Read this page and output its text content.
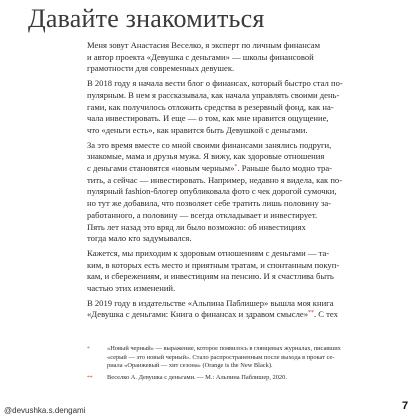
Давайте знакомиться

Меня зовут Анастасия Веселко, я эксперт по личным финансам
и автор проекта «Девушка с деньгами» — школы финансовой
грамотности для современных девушек.

В 2018 году я начала вести блог о финансах, который быстро стал по-
пулярным. В нем я рассказывала, как начала управлять своими день-
гами, как получилось отложить средства в резервный фонд, как на-
чала инвестировать. И еще — о том, как мне нравится ощущение,
что «деньги есть», как нравится быть Девушкой с деньгами.

За это время вместе со мной своими финансами занялись подруги,
знакомые, мама и друзья мужа. Я вижу, как здоровые отношения
с деньгами становятся «новым черным»*. Раньше было модно тра-
тить, а сейчас — инвестировать. Например, недавно я видела, как по-
пулярный fashion-блогер опубликовала фото с чек дорогой сумочки,
но тут же добавила, что позволяет себе тратить лишь половину за-
работанного, а половину — всегда откладывает и инвестирует.
Пять лет назад это вряд ли было возможно: об инвестициях
тогда мало кто задумывался.

Кажется, мы приходим к здоровым отношениям с деньгами — та-
ким, в которых есть место и приятным тратам, и спонтанным покуп-
кам, и сбережениям, и инвестициям на пенсию. И я счастлива быть
частью этих изменений.

В 2019 году в издательстве «Альпина Паблишер» вышла моя книга
«Девушка с деньгами: Книга о финансах и здравом смысле»**. С тех

*	«Новый черный» — выражение, которое появилось в глянцевых журналах, писавших
«серый — это новый черный». Стало распространенным после выхода в прокат се-
риала «Оранжевый — хит сезона» (Orange is the New Black).
** Веселко А. Девушка с деньгами. — М.: Альпина Паблишер, 2020.
@devushka.s.dengami	7
